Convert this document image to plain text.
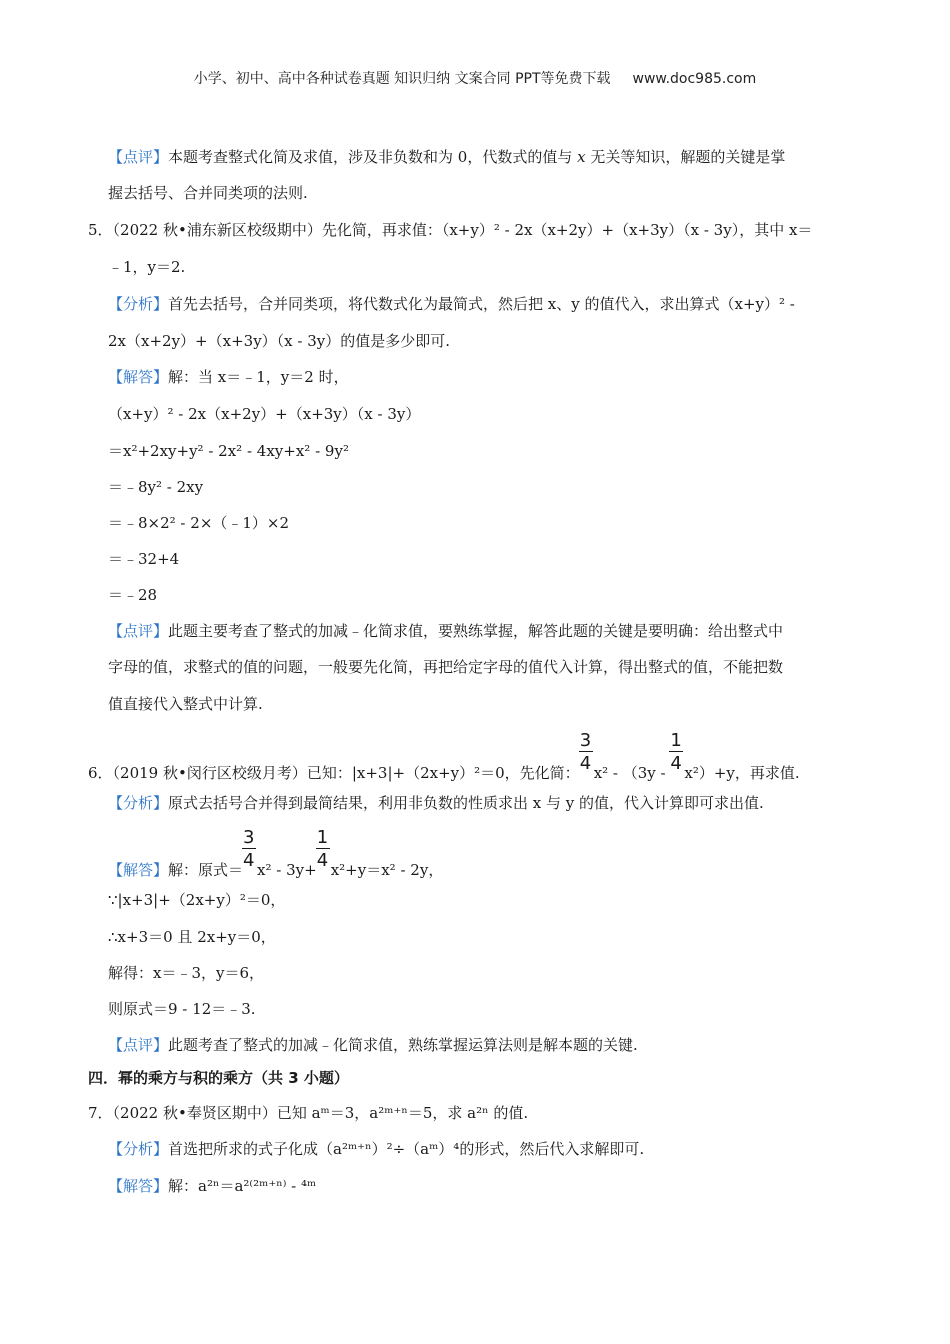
小学、初中、高中各种试卷真题 知识归纳 文案合同 PPT等免费下载 www.doc985.com
【点评】本题考查整式化简及求值，涉及非负数和为 0，代数式的值与 x 无关等知识，解题的关键是掌
握去括号、合并同类项的法则.
5．（2022 秋•浦东新区校级期中）先化简，再求值：（x+y）² ‐ 2x（x+2y）+（x+3y）（x ‐ 3y），其中 x＝
﹣1，y＝2.
【分析】首先去括号，合并同类项，将代数式化为最简式，然后把 x、y 的值代入，求出算式（x+y）² ‐
2x（x+2y）+（x+3y）（x ‐ 3y）的值是多少即可.
【解答】解：当 x＝﹣1，y＝2 时，
（x+y）² ‐ 2x（x+2y）+（x+3y）（x ‐ 3y）
＝x²+2xy+y² ‐ 2x² ‐ 4xy+x² ‐ 9y²
＝﹣8y² ‐ 2xy
＝﹣8×2² ‐ 2×（﹣1）×2
＝﹣32+4
＝﹣28
【点评】此题主要考查了整式的加减﹣化简求值，要熟练掌握，解答此题的关键是要明确：给出整式中
字母的值，求整式的值的问题，一般要先化简，再把给定字母的值代入计算，得出整式的值，不能把数
值直接代入整式中计算.
6．（2019 秋•闵行区校级月考）已知：|x+3|+（2x+y）²＝0，先化简： $\frac{3}{4} x^2$ ‐ （3y ‐ $\frac{1}{4} x^2)+y$，再求值.
【分析】原式去括号合并得到最简结果，利用非负数的性质求出 x 与 y 的值，代入计算即可求出值.
【解答】解：原式＝ $\frac{3}{4} x^2$ ‐ $3y+ \frac{1}{4} x^2+y=x^2$ ‐ 2y，
∵|x+3|+（2x+y）²＝0，
∴x+3＝0 且 2x+y＝0，
解得：x＝﹣3，y＝6，
则原式＝9 ‐ 12＝﹣3.
【点评】此题考查了整式的加减﹣化简求值，熟练掌握运算法则是解本题的关键.
四．幂的乘方与积的乘方（共 3 小题）
7．（2022 秋•奉贤区期中）已知 aᵐ＝3，a²ᵐ⁺ⁿ＝5，求 a²ⁿ 的值.
【分析】首选把所求的式子化成（a²ᵐ⁺ⁿ）²÷（aᵐ）⁴的形式，然后代入求解即可.
【解答】解：a²ⁿ＝a²⁽²ᵐ⁺ⁿ⁾ ‐ ⁴ᵐ
